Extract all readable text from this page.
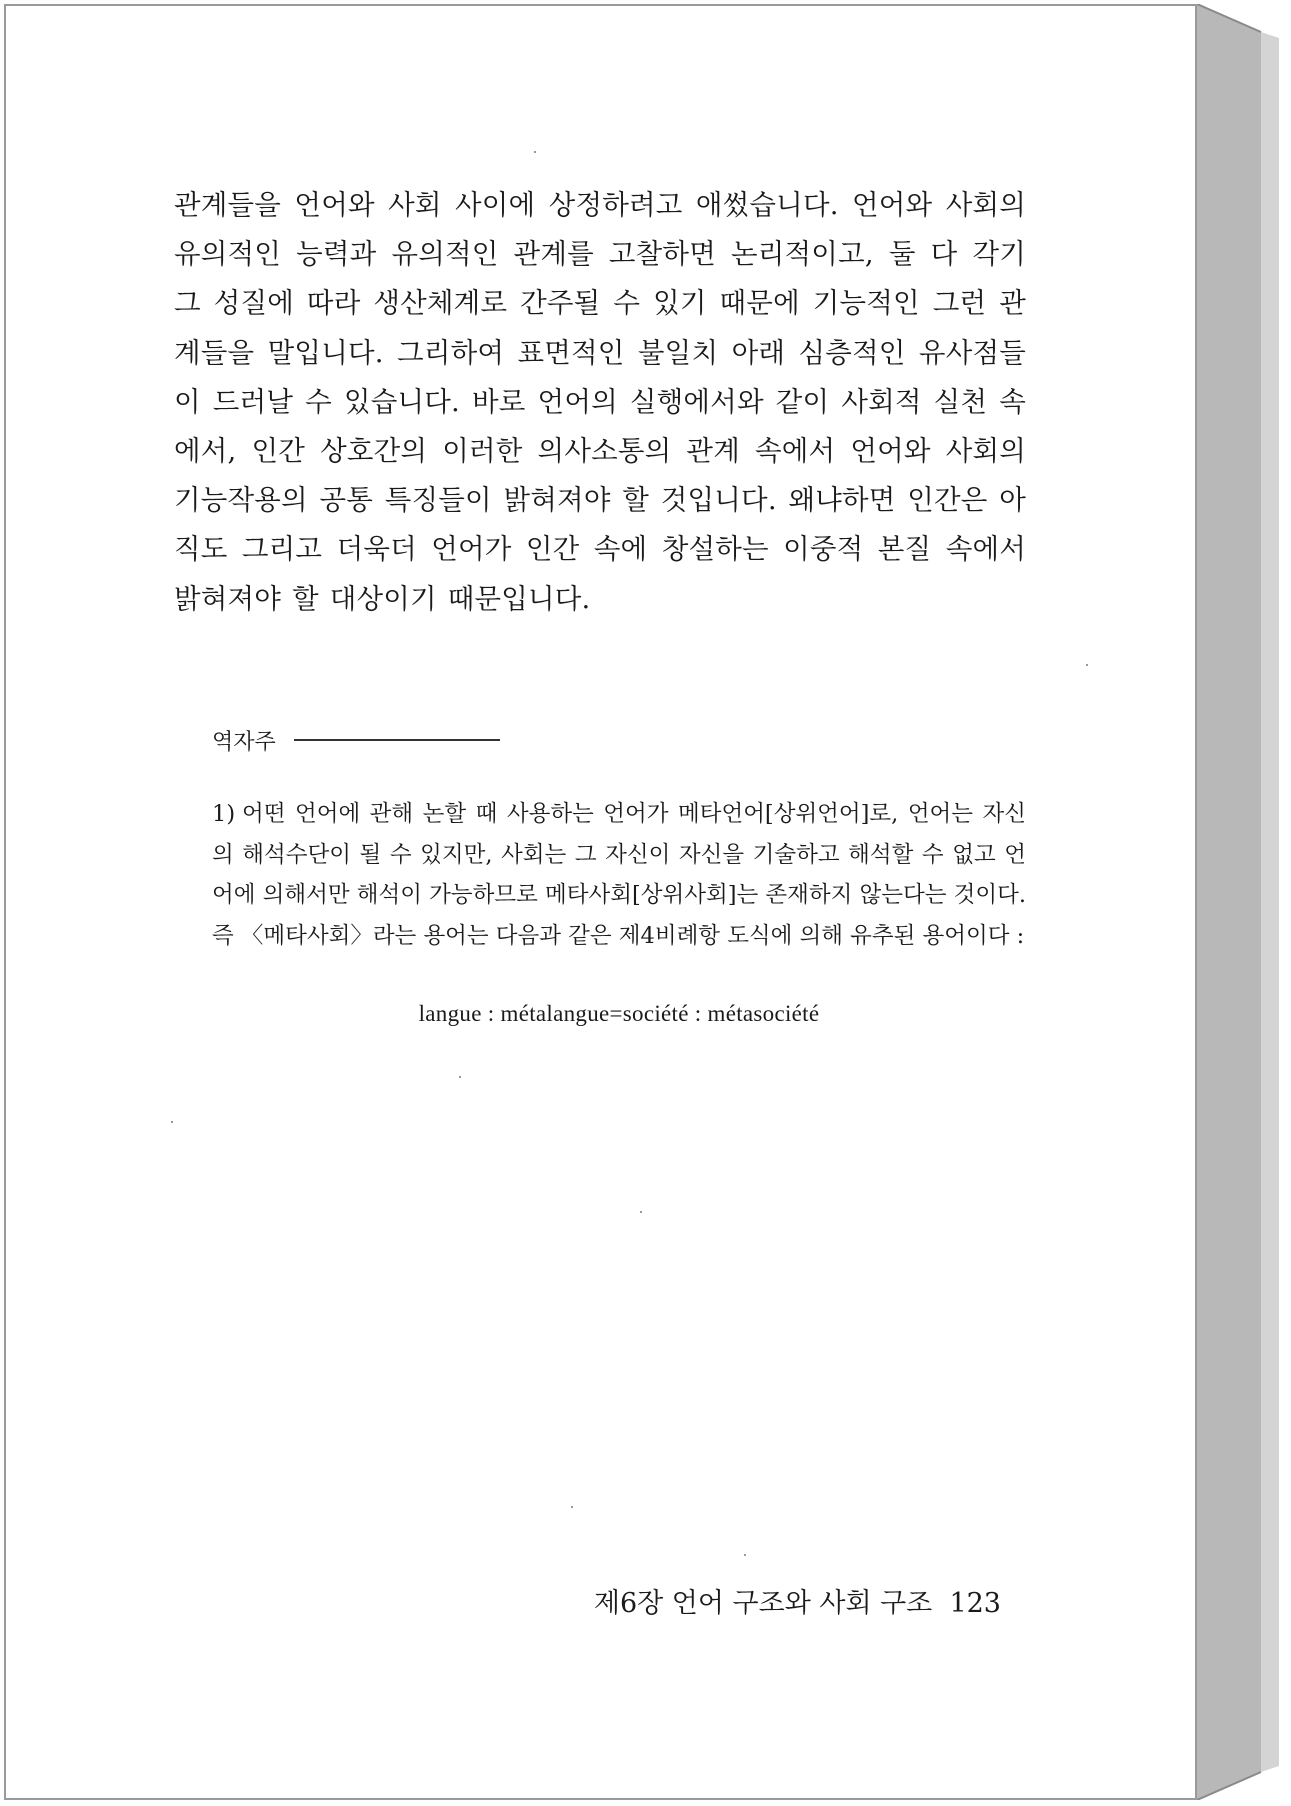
관계들을 언어와 사회 사이에 상정하려고 애썼습니다. 언어와 사회의 유의적인 능력과 유의적인 관계를 고찰하면 논리적이고, 둘 다 각기 그 성질에 따라 생산체계로 간주될 수 있기 때문에 기능적인 그런 관계들을 말입니다. 그리하여 표면적인 불일치 아래 심층적인 유사점들이 드러날 수 있습니다. 바로 언어의 실행에서와 같이 사회적 실천 속에서, 인간 상호간의 이러한 의사소통의 관계 속에서 언어와 사회의 기능작용의 공통 특징들이 밝혀져야 할 것입니다. 왜냐하면 인간은 아직도 그리고 더욱더 언어가 인간 속에 창설하는 이중적 본질 속에서 밝혀져야 할 대상이기 때문입니다.
역자주
1) 어떤 언어에 관해 논할 때 사용하는 언어가 메타언어[상위언어]로, 언어는 자신의 해석수단이 될 수 있지만, 사회는 그 자신이 자신을 기술하고 해석할 수 없고 언어에 의해서만 해석이 가능하므로 메타사회[상위사회]는 존재하지 않는다는 것이다. 즉 〈메타사회〉라는 용어는 다음과 같은 제4비례항 도식에 의해 유추된 용어이다 :
langue : métalangue=société : métasociété
제6장 언어 구조와 사회 구조 123
